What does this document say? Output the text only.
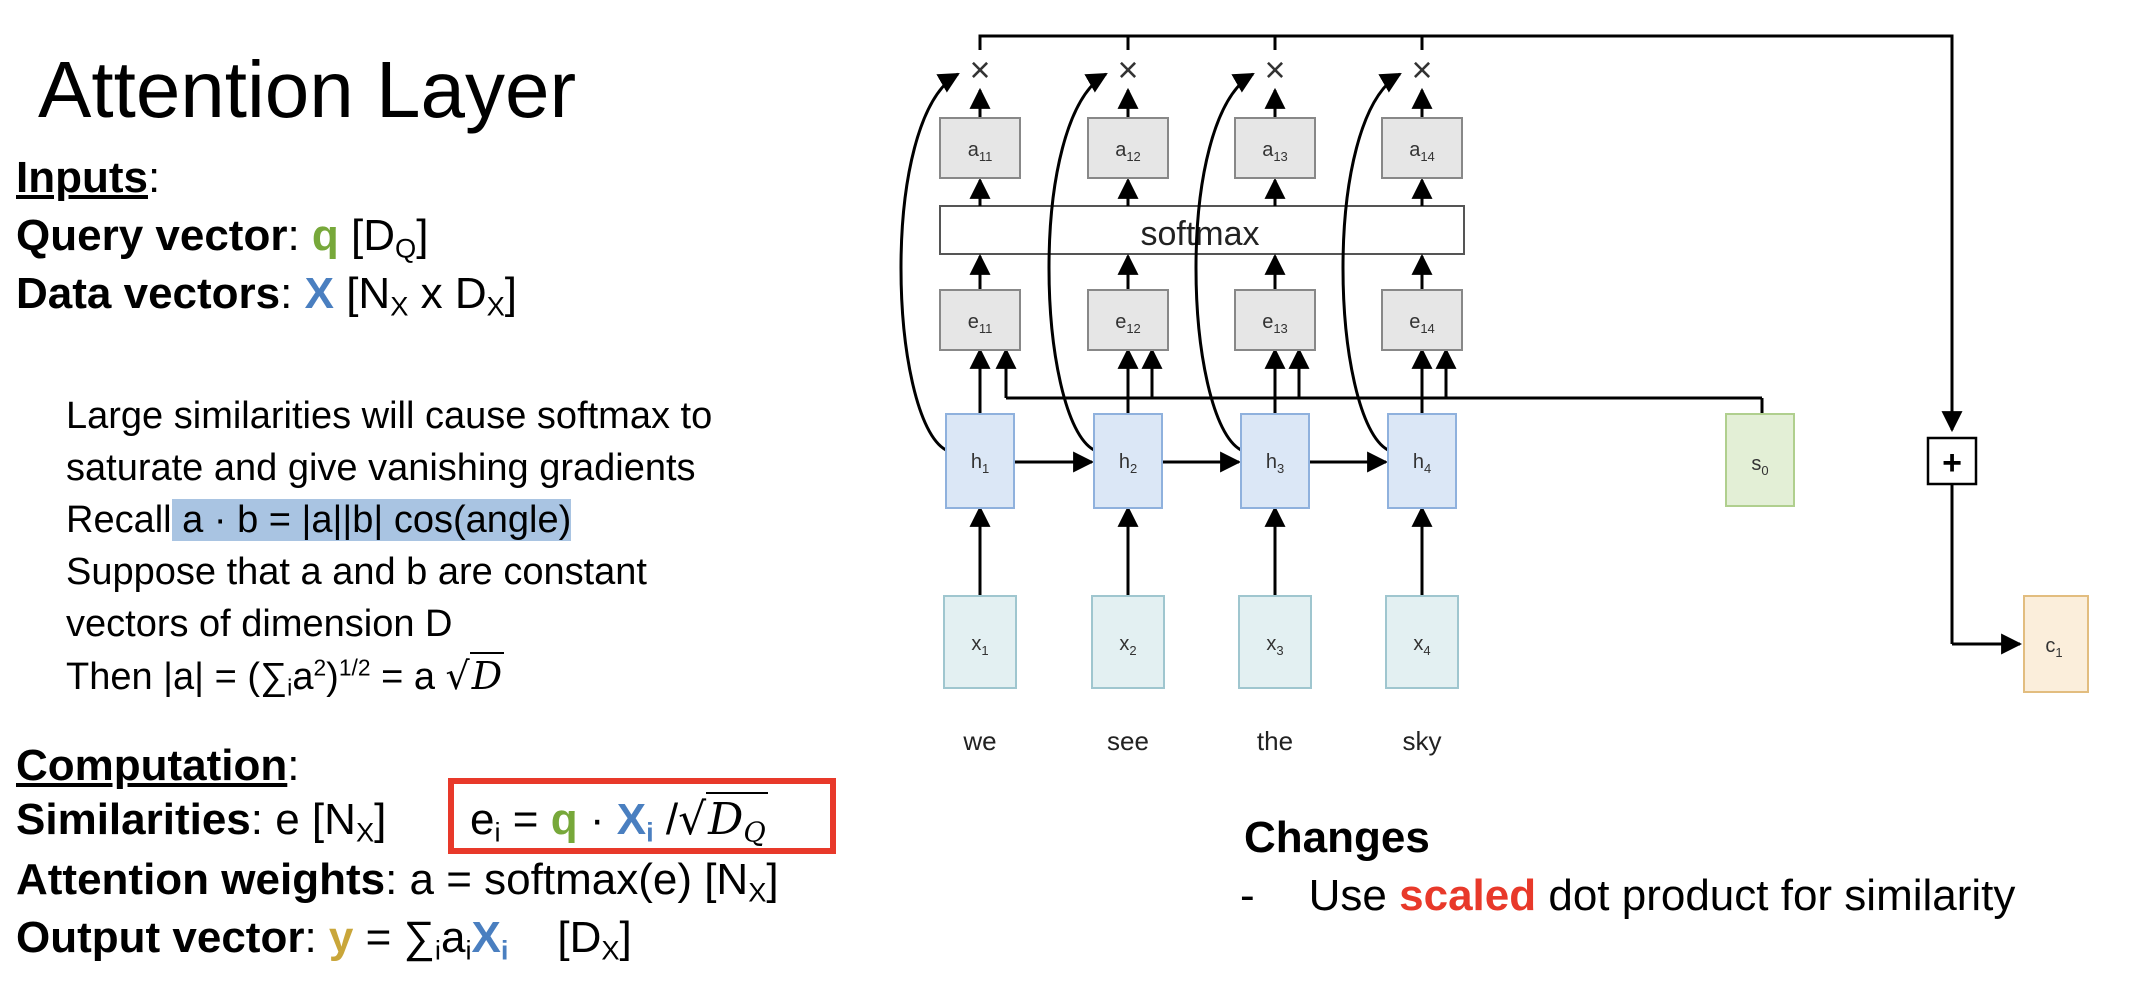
Attention Layer
Inputs:
Query vector: q $[D_Q]$
Data vectors: X [$N_X$ x $D_X$]
Large similarities will cause softmax to
saturate and give vanishing gradients
Recall a · b = |a||b| cos(angle)
Suppose that a and b are constant
vectors of dimension D
Then $|a| = (\sum_ia^2)^{1/2} = a$ √D
Computation:
Similarities: e $[N_X] e_i = q \cdot X_i$ $/√D_Q$
Attention weights: a = softmax(e) $[N_X]$
Output vector: $y = \sum_ia_iX_i$    $[D_X]$
Changes
- Use scaled dot product for similarity
softmax
+
$s_0$
$c_1$
$x_1$
$h_1$
$e_{11}$
$a_{11}$
×
we
$x_2$
$h_2$
$e_{12}$
$a_{12}$
×
see
$x_3$
$h_3$
$e_{13}$
$a_{13}$
×
the
$x_4$
$h_4$
$e_{14}$
$a_{14}$
×
sky
